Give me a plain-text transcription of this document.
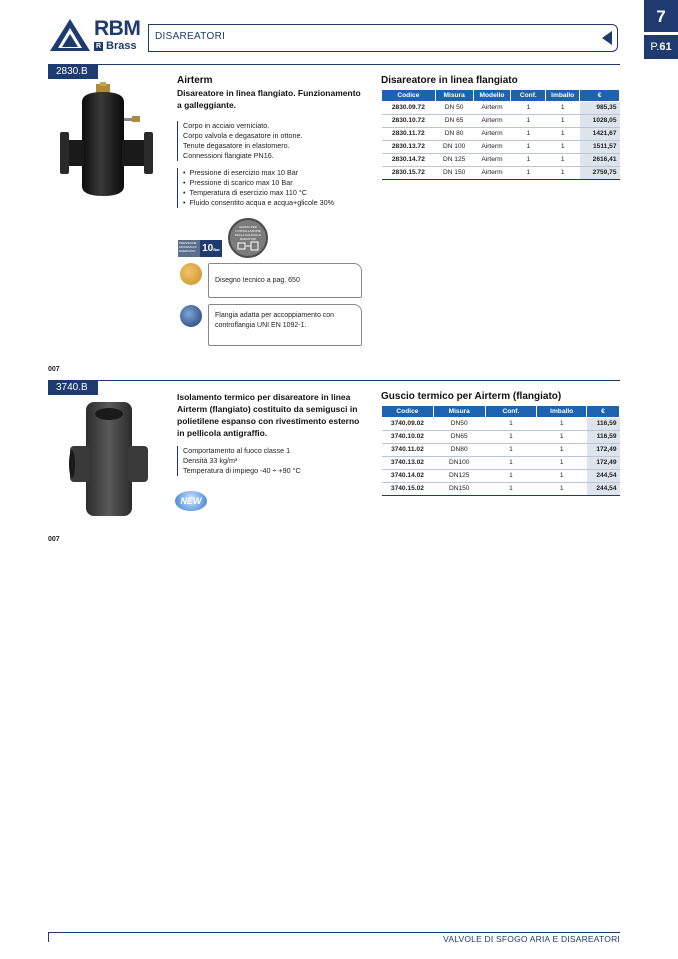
RBM
R Brass
DISAREATORI
7
P.61
2830.B
Airterm
Disareatore in linea flangiato. Funzionamento a galleggiante.
Corpo in acciaio verniciato.
Corpo valvola e degasatore in ottone.
Tenute degasatore in elastomero.
Connessioni flangiate PN16.
• Pressione di esercizio max 10 Bar
• Pressione di scarico max 10 Bar
• Temperatura di esercizio max 110 °C
• Fluido consentito acqua e acqua+glicole 30%
PRESSIONE MASSIMA DI ESERCIZIO 10Bar
VALIDO PER L'INSTALLAZIONE DALLA CALDAIA AI RADIATORI
Disegno tecnico a pag. 650
Flangia adatta per accoppiamento con controflangia UNI EN 1092-1.
007
Disareatore in linea flangiato
Codice	Misura	Modello	Conf.	Imballo	€
2830.09.72	DN 50	Airterm	1	1	985,35
2830.10.72	DN 65	Airterm	1	1	1028,05
2830.11.72	DN 80	Airterm	1	1	1421,67
2830.13.72	DN 100	Airterm	1	1	1511,57
2830.14.72	DN 125	Airterm	1	1	2616,41
2830.15.72	DN 150	Airterm	1	1	2759,75
3740.B
Isolamento termico per disareatore in linea Airterm (flangiato) costituito da semigusci in polietilene espanso con rivestimento esterno in pellicola antigraffio.
Comportamento al fuoco classe 1
Densità 33 kg/m³
Temperatura di impiego -40 ÷ +90 °C
NEW
007
Guscio termico per Airterm (flangiato)
Codice	Misura	Conf.	Imballo	€
3740.09.02	DN50	1	1	116,59
3740.10.02	DN65	1	1	116,59
3740.11.02	DN80	1	1	172,49
3740.13.02	DN100	1	1	172,49
3740.14.02	DN125	1	1	244,54
3740.15.02	DN150	1	1	244,54
VALVOLE DI SFOGO ARIA E DISAREATORI
